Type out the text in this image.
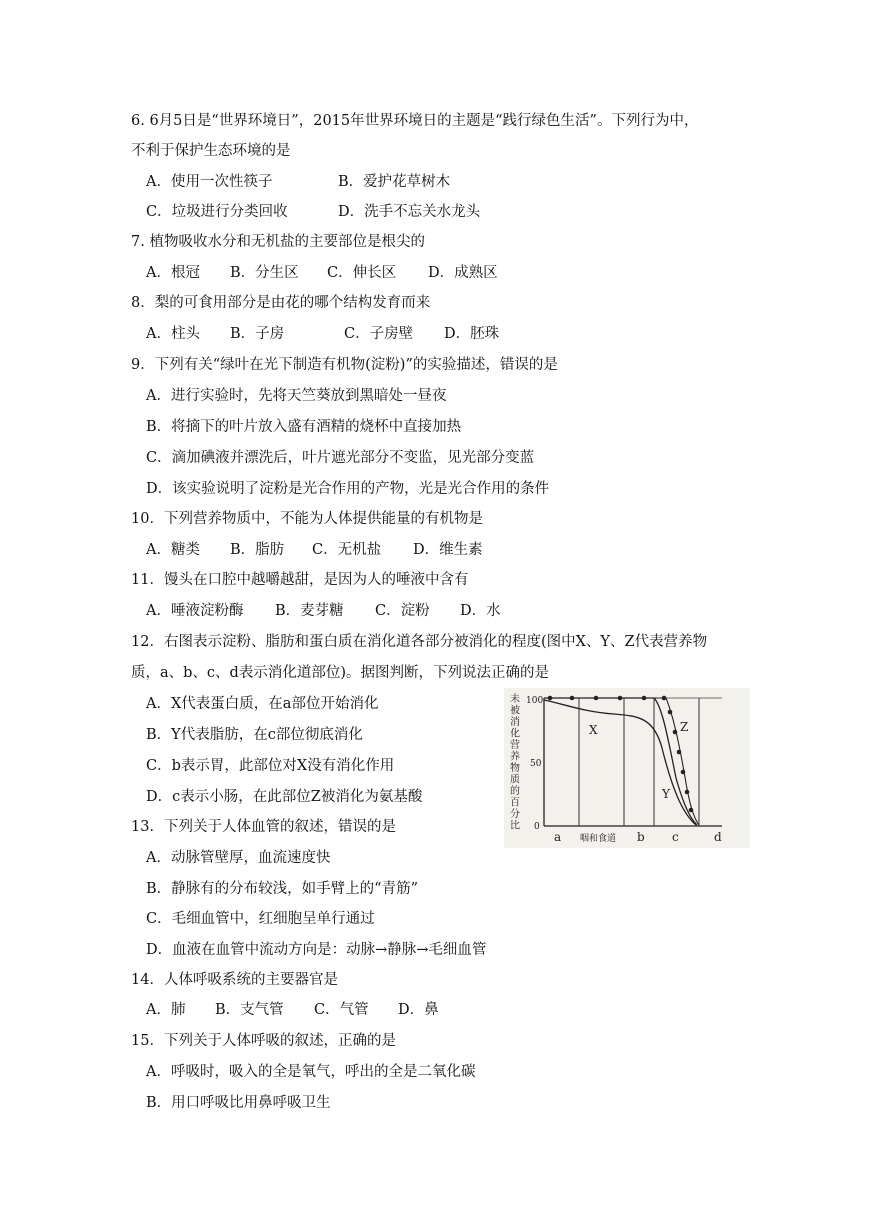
6. 6月5日是“世界环境日”，2015年世界环境日的主题是“践行绿色生活”。下列行为中，
不利于保护生态环境的是
A．使用一次性筷子	B．爱护花草树木
C．垃圾进行分类回收	D．洗手不忘关水龙头
7. 植物吸收水分和无机盐的主要部位是根尖的
A．根冠 B．分生区 C．伸长区 D．成熟区
8．梨的可食用部分是由花的哪个结构发育而来
A．柱头 B．子房	C．子房壁 D．胚珠
9．下列有关“绿叶在光下制造有机物(淀粉)”的实验描述，错误的是
A．进行实验时，先将天竺葵放到黑暗处一昼夜
B．将摘下的叶片放入盛有酒精的烧杯中直接加热
C．滴加碘液并漂洗后，叶片遮光部分不变监，见光部分变蓝
D．该实验说明了淀粉是光合作用的产物，光是光合作用的条件
10．下列营养物质中，不能为人体提供能量的有机物是
A．糖类 B．脂肪 C．无机盐 D．维生素
11．馒头在口腔中越嚼越甜，是因为人的唾液中含有
A．唾液淀粉酶 B．麦芽糖 C．淀粉 D．水
12．右图表示淀粉、脂肪和蛋白质在消化道各部分被消化的程度(图中X、Y、Z代表营养物
质，a、b、c、d表示消化道部位)。据图判断，下列说法正确的是
A．X代表蛋白质，在a部位开始消化
B．Y代表脂肪，在c部位彻底消化
C．b表示胃，此部位对X没有消化作用
D．c表示小肠，在此部位Z被消化为氨基酸
未
被
消
化
营
养
物
质
的
百
分
比
100
50
0
X
Y
Z
a 咽和食道 b c	d
13．下列关于人体血管的叙述，错误的是
A．动脉管壁厚，血流速度快
B．静脉有的分布较浅，如手臂上的“青筋”
C．毛细血管中，红细胞呈单行通过
D．血液在血管中流动方向是：动脉→静脉→毛细血管
14．人体呼吸系统的主要器官是
A．肺 B．支气管 C．气管 D．鼻
15．下列关于人体呼吸的叙述，正确的是
A．呼吸时，吸入的全是氧气，呼出的全是二氧化碳
B．用口呼吸比用鼻呼吸卫生
